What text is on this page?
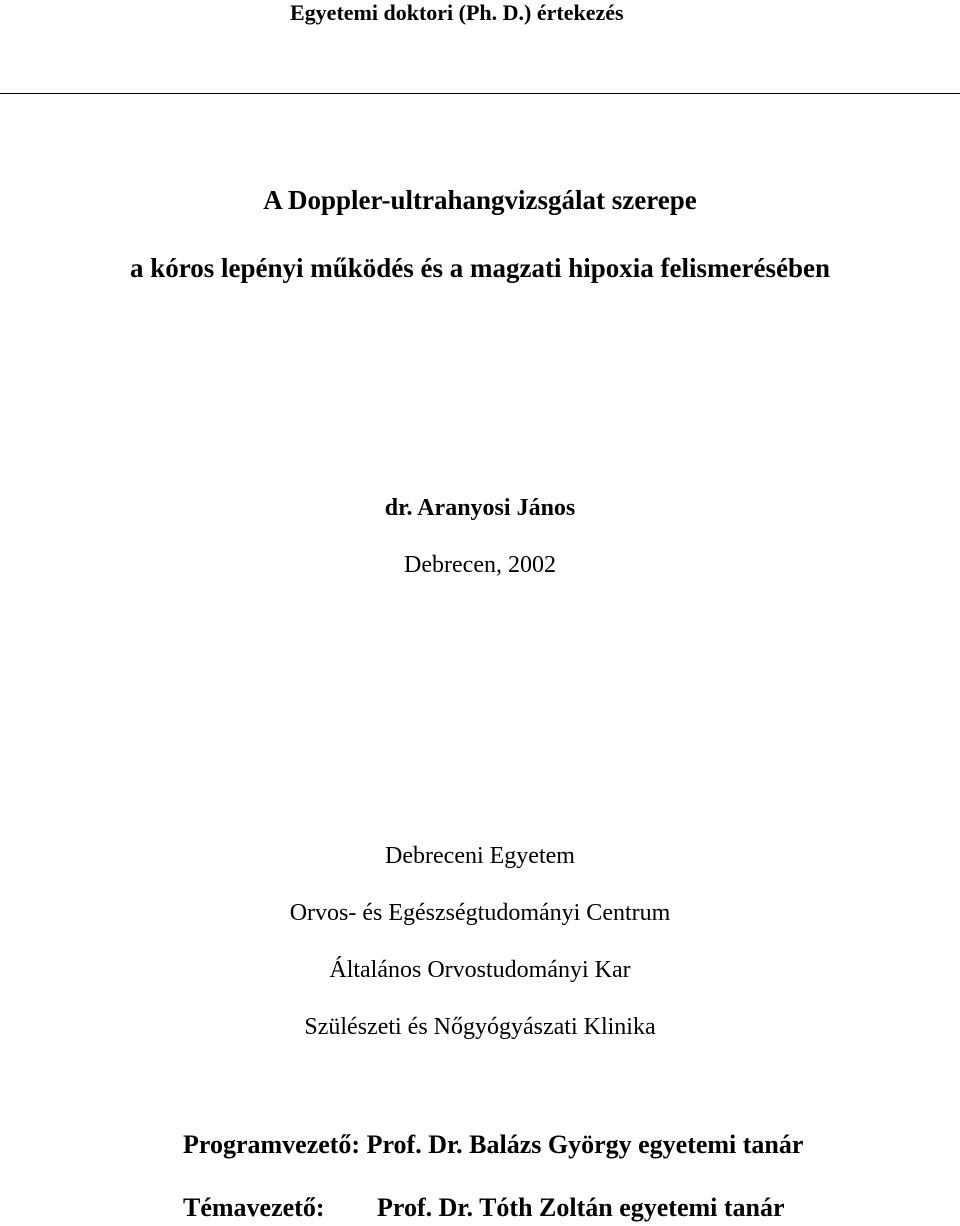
Egyetemi doktori (Ph. D.) értekezés
A Doppler-ultrahangvizsgálat szerepe
a kóros lepényi működés és a magzati hipoxia felismerésében
dr. Aranyosi János
Debrecen, 2002
Debreceni Egyetem
Orvos- és Egészségtudományi Centrum
Általános Orvostudományi Kar
Szülészeti és Nőgyógyászati Klinika
Programvezető: Prof. Dr. Balázs György egyetemi tanár
Témavezető: Prof. Dr. Tóth Zoltán egyetemi tanár
